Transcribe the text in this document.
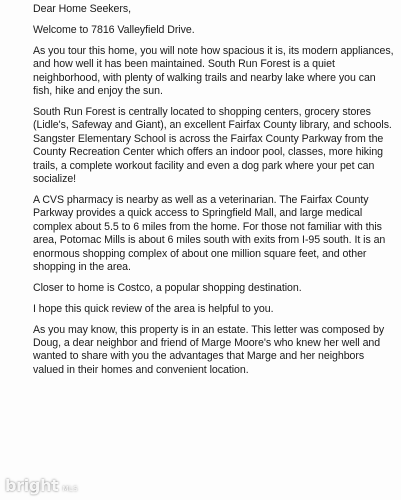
Dear Home Seekers,

Welcome to 7816 Valleyfield Drive.

As you tour this home, you will note how spacious it is, its modern appliances, and how well it has been maintained. South Run Forest is a quiet neighborhood, with plenty of walking trails and nearby lake where you can fish, hike and enjoy the sun.

South Run Forest is centrally located to shopping centers, grocery stores (Lidle's, Safeway and Giant), an excellent Fairfax County library, and schools. Sangster Elementary School is across the Fairfax County Parkway from the County Recreation Center which offers an indoor pool, classes, more hiking trails, a complete workout facility and even a dog park where your pet can socialize!

A CVS pharmacy is nearby as well as a veterinarian. The Fairfax County Parkway provides a quick access to Springfield Mall, and large medical complex about 5.5 to 6 miles from the home. For those not familiar with this area, Potomac Mills is about 6 miles south with exits from I-95 south. It is an enormous shopping complex of about one million square feet, and other shopping in the area.

Closer to home is Costco, a popular shopping destination.

I hope this quick review of the area is helpful to you.

As you may know, this property is in an estate. This letter was composed by Doug, a dear neighbor and friend of Marge Moore's who knew her well and wanted to share with you the advantages that Marge and her neighbors valued in their homes and convenient location.

bright MLS
